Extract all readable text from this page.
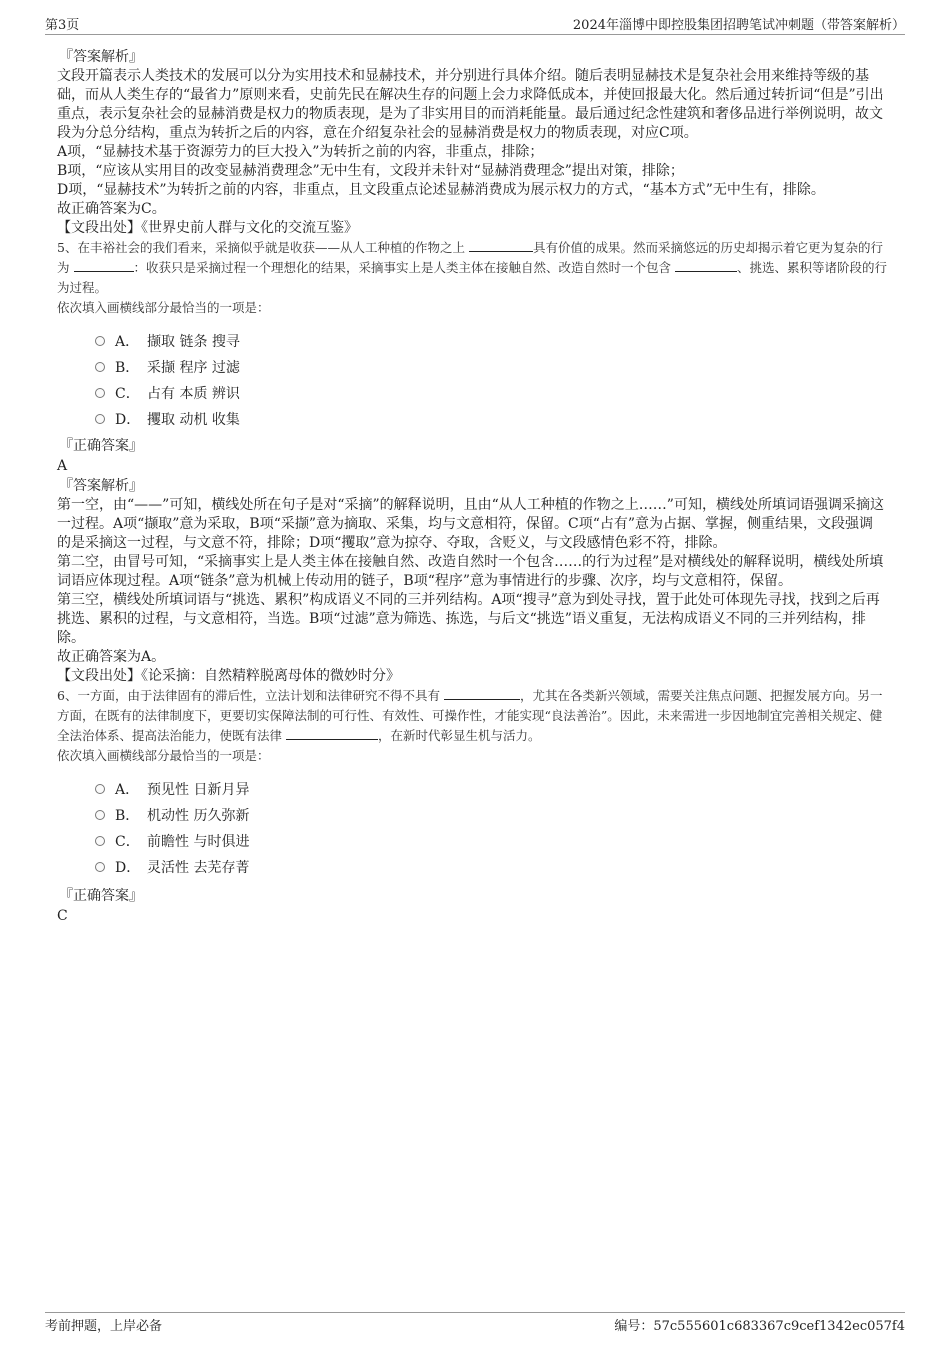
第3页	2024年淄博中即控股集团招聘笔试冲刺题（带答案解析）
『答案解析』

文段开篇表示人类技术的发展可以分为实用技术和显赫技术，并分别进行具体介绍。随后表明显赫技术是复杂社会用来维持等级的基础，而从人类生存的“最省力”原则来看，史前先民在解决生存的问题上会力求降低成本，并使回报最大化。然后通过转折词“但是”引出重点，表示复杂社会的显赫消费是权力的物质表现，是为了非实用目的而消耗能量。最后通过纪念性建筑和奢侈品进行举例说明，故文段为分总分结构，重点为转折之后的内容，意在介绍复杂社会的显赫消费是权力的物质表现，对应C项。

A项，“显赫技术基于资源劳力的巨大投入”为转折之前的内容，非重点，排除；

B项，“应该从实用目的改变显赫消费理念”无中生有，文段并未针对“显赫消费理念”提出对策，排除；

D项，“显赫技术”为转折之前的内容，非重点，且文段重点论述显赫消费成为展示权力的方式，“基本方式”无中生有，排除。

故正确答案为C。

【文段出处】《世界史前人群与文化的交流互鉴》

5、在丰裕社会的我们看来，采摘似乎就是收获——从人工种植的作物之上	具有价值的成果。然而采摘悠远的历史却揭示着它更为复杂的行为	：收获只是采摘过程一个理想化的结果，采摘事实上是人类主体在接触自然、改造自然时一个包含	、挑选、累积等诸阶段的行为过程。

依次填入画横线部分最恰当的一项是：

A． 撷取 链条 搜寻
B． 采撷 程序 过滤
C． 占有 本质 辨识
D． 攫取 动机 收集
『正确答案』
A
『答案解析』

第一空，由“——”可知，横线处所在句子是对“采摘”的解释说明，且由“从人工种植的作物之上……”可知，横线处所填词语强调采摘这一过程。A项“撷取”意为采取，B项“采撷”意为摘取、采集，均与文意相符，保留。C项“占有”意为占据、掌握，侧重结果，文段强调的是采摘这一过程，与文意不符，排除；D项“攫取”意为掠夺、夺取，含贬义，与文段感情色彩不符，排除。

第二空，由冒号可知，“采摘事实上是人类主体在接触自然、改造自然时一个包含……的行为过程”是对横线处的解释说明，横线处所填词语应体现过程。A项“链条”意为机械上传动用的链子，B项“程序”意为事情进行的步骤、次序，均与文意相符，保留。

第三空，横线处所填词语与“挑选、累积”构成语义不同的三并列结构。A项“搜寻”意为到处寻找，置于此处可体现先寻找，找到之后再挑选、累积的过程，与文意相符，当选。B项“过滤”意为筛选、拣选，与后文“挑选”语义重复，无法构成语义不同的三并列结构，排除。

故正确答案为A。

【文段出处】《论采摘：自然精粹脱离母体的微妙时分》

6、一方面，由于法律固有的滞后性，立法计划和法律研究不得不具有	，尤其在各类新兴领域，需要关注焦点问题、把握发展方向。另一方面，在既有的法律制度下，更要切实保障法制的可行性、有效性、可操作性，才能实现“良法善治”。因此，未来需进一步因地制宜完善相关规定、健全法治体系、提高法治能力，使既有法律	，在新时代彰显生机与活力。

依次填入画横线部分最恰当的一项是：

A． 预见性 日新月异
B． 机动性 历久弥新
C． 前瞻性 与时俱进
D． 灵活性 去芜存菁
『正确答案』
C
考前押题，上岸必备	编号：57c555601c683367c9cef1342ec057f4
